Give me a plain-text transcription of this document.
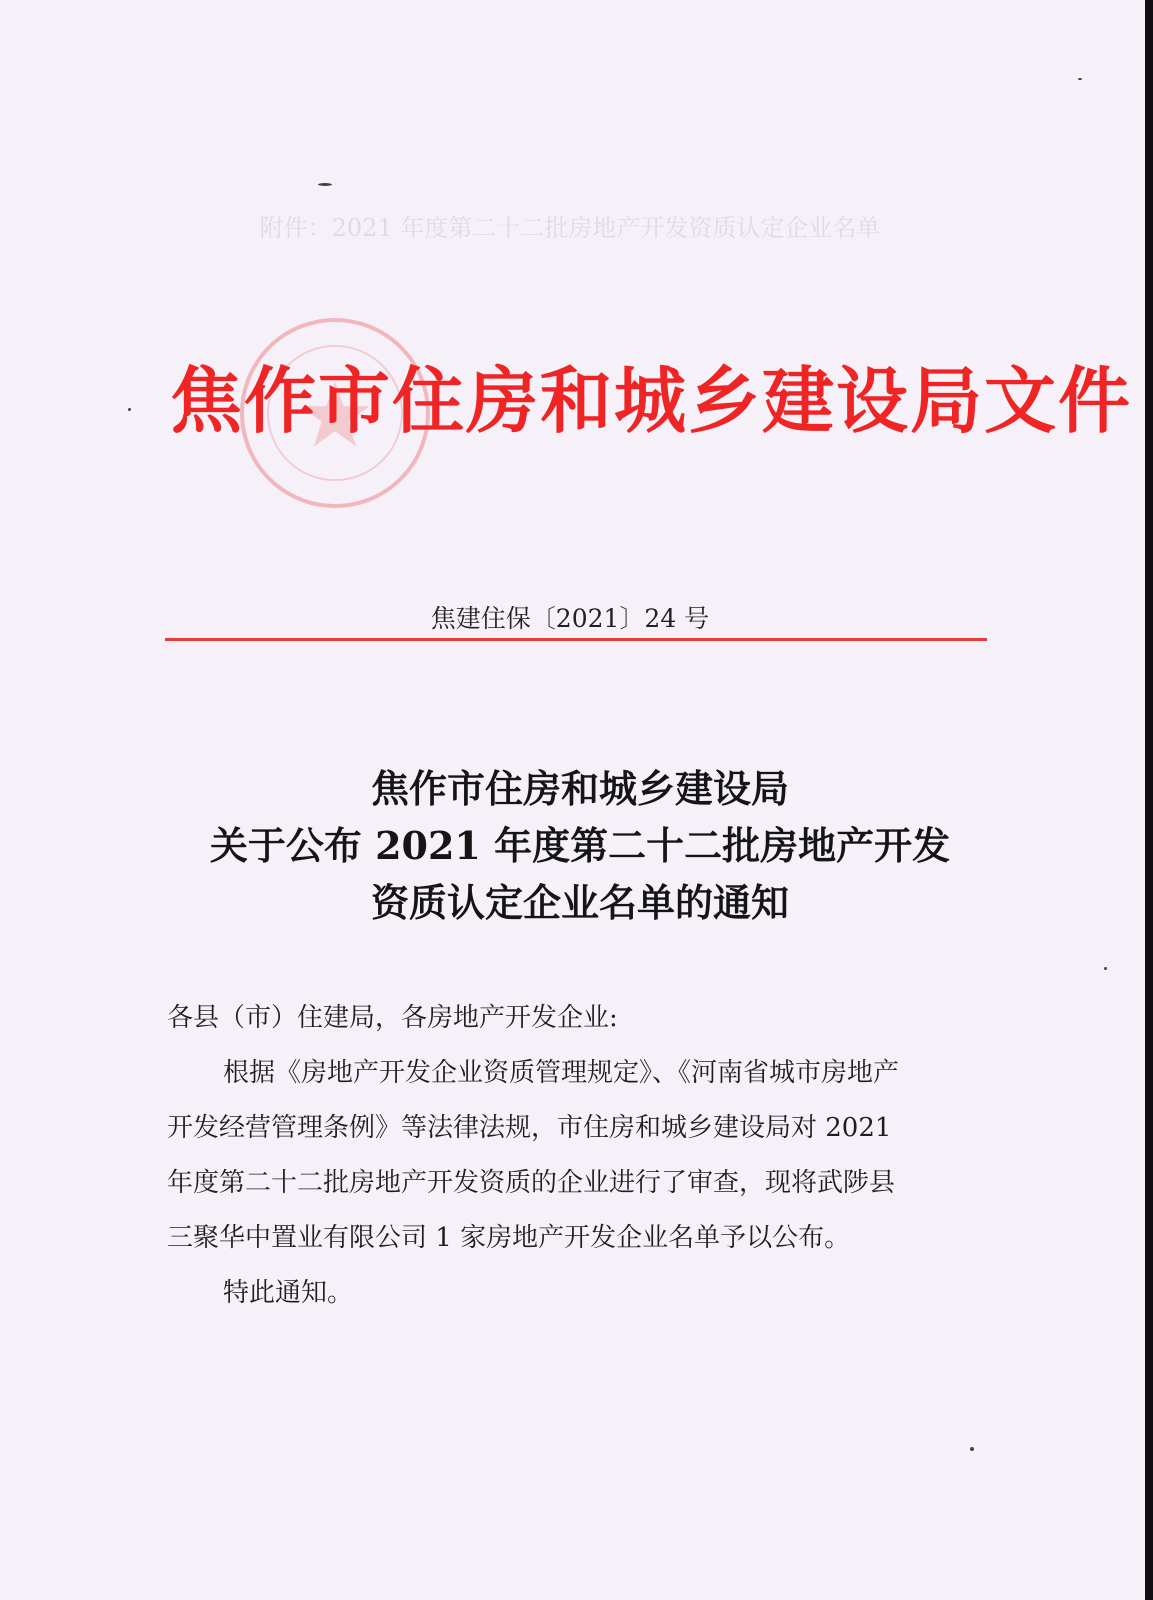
附件：2021 年度第二十二批房地产开发资质认定企业名单
焦作市住房和城乡建设局文件
焦建住保〔2021〕24 号
焦作市住房和城乡建设局
关于公布 2021 年度第二十二批房地产开发
资质认定企业名单的通知
各县（市）住建局，各房地产开发企业:
根据《房地产开发企业资质管理规定》、《河南省城市房地产
开发经营管理条例》等法律法规，市住房和城乡建设局对 2021
年度第二十二批房地产开发资质的企业进行了审查，现将武陟县
三聚华中置业有限公司 1 家房地产开发企业名单予以公布。
特此通知。
